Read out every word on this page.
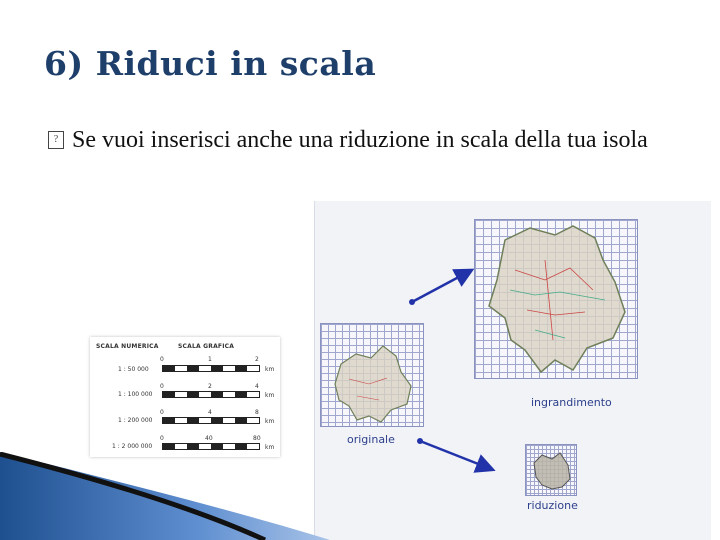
6) Riduci in scala
? Se vuoi inserisci anche una riduzione in scala della tua isola
SCALA NUMERICA	SCALA GRAFICA
0	1	2
1 : 50 000	km
0	2	4
1 : 100 000	km
0	4	8
1 : 200 000	km
0	40	80
1 : 2 000 000	km
ingrandimento
originale
riduzione
